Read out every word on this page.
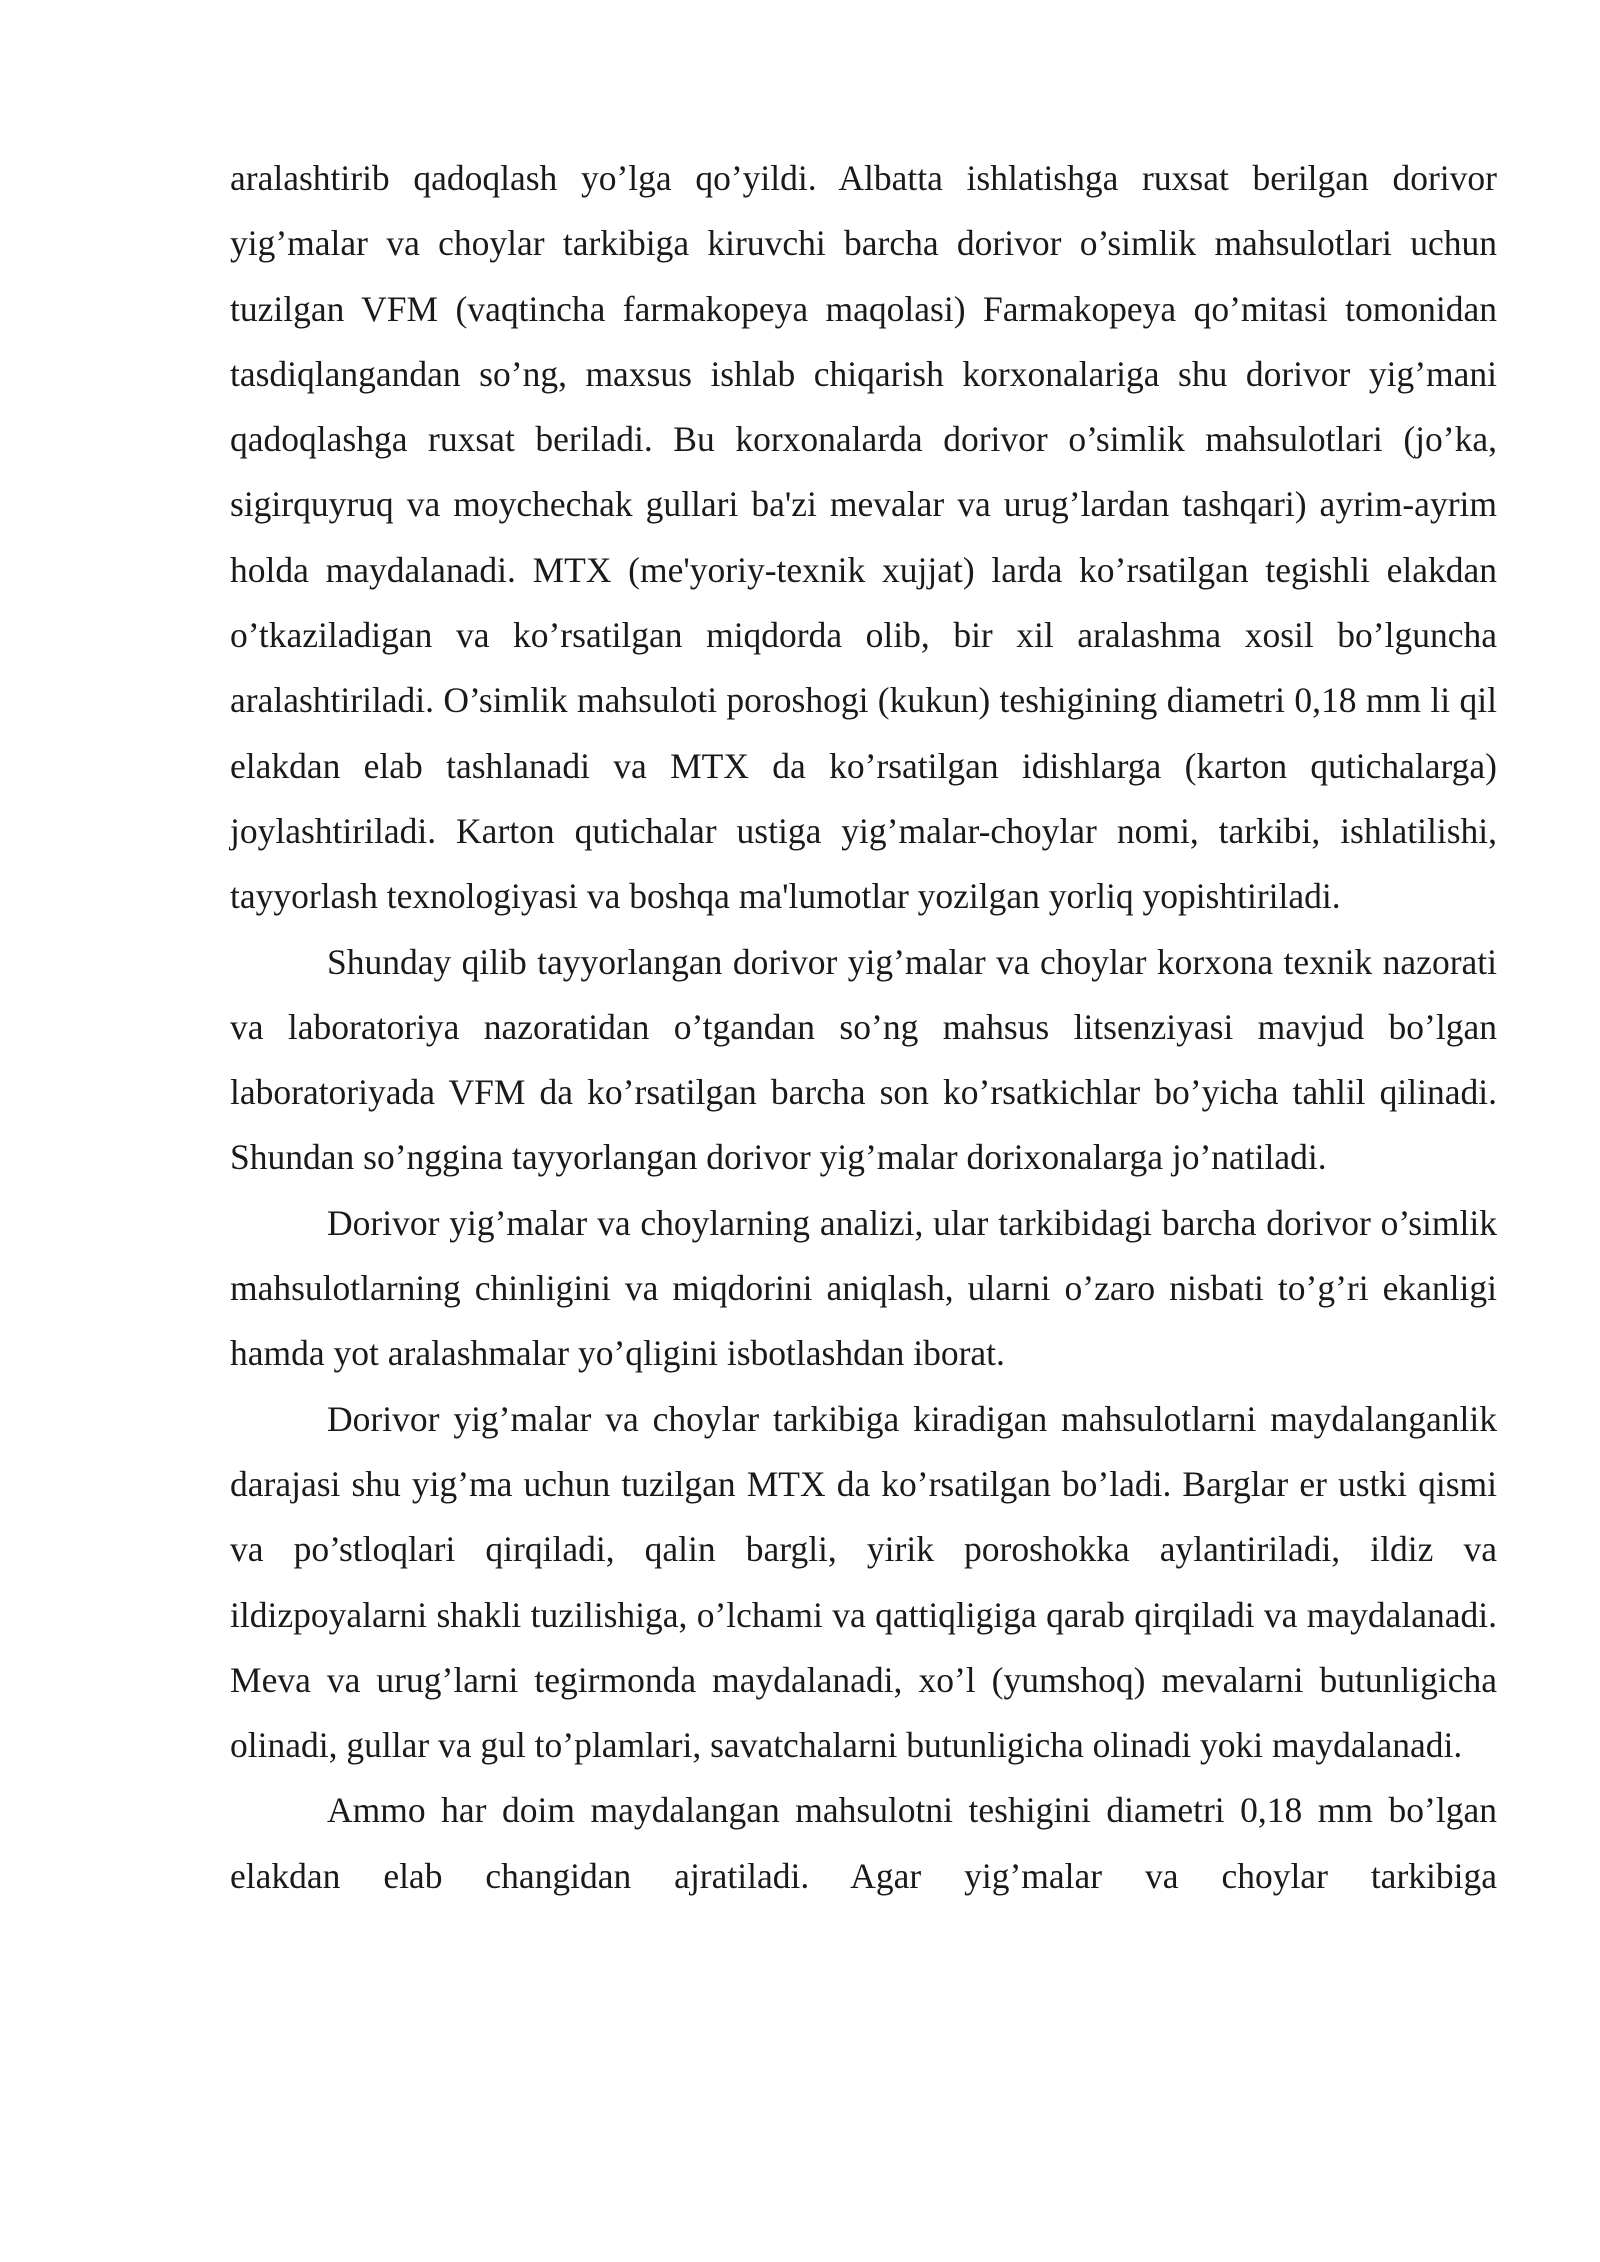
aralashtirib qadoqlash yo’lga qo’yildi. Albatta ishlatishga ruxsat berilgan dorivor yig’malar va choylar tarkibiga kiruvchi barcha dorivor o’simlik mahsulotlari uchun tuzilgan VFM (vaqtincha farmakopeya maqolasi) Farmakopeya qo’mitasi tomonidan tasdiqlangandan so’ng, maxsus ishlab chiqarish korxonalariga shu dorivor yig’mani qadoqlashga ruxsat beriladi. Bu korxonalarda dorivor o’simlik mahsulotlari (jo’ka, sigirquyruq va moychechak gullari ba'zi mevalar va urug’lardan tashqari) ayrim-ayrim holda maydalanadi. MTX (me'yoriy-texnik xujjat) larda ko’rsatilgan tegishli elakdan o’tkaziladigan va ko’rsatilgan miqdorda olib, bir xil aralashma xosil bo’lguncha aralashtiriladi. O’simlik mahsuloti poroshogi (kukun) teshigining diametri 0,18 mm li qil elakdan elab tashlanadi va MTX da ko’rsatilgan idishlarga (karton qutichalarga) joylashtiriladi. Karton qutichalar ustiga yig’malar-choylar nomi, tarkibi, ishlatilishi, tayyorlash texnologiyasi va boshqa ma'lumotlar yozilgan yorliq yopishtiriladi.

Shunday qilib tayyorlangan dorivor yig’malar va choylar korxona texnik nazorati va laboratoriya nazoratidan o’tgandan so’ng mahsus litsenziyasi mavjud bo’lgan laboratoriyada VFM da ko’rsatilgan barcha son ko’rsatkichlar bo’yicha tahlil qilinadi. Shundan so’nggina tayyorlangan dorivor yig’malar dorixonalarga jo’natiladi.

Dorivor yig’malar va choylarning analizi, ular tarkibidagi barcha dorivor o’simlik mahsulotlarning chinligini va miqdorini aniqlash, ularni o’zaro nisbati to’g’ri ekanligi hamda yot aralashmalar yo’qligini isbotlashdan iborat.

Dorivor yig’malar va choylar tarkibiga kiradigan mahsulotlarni maydalanganlik darajasi shu yig’ma uchun tuzilgan MTX da ko’rsatilgan bo’ladi. Barglar er ustki qismi va po’stloqlari qirqiladi, qalin bargli, yirik poroshokka aylantiriladi, ildiz va ildizpoyalarni shakli tuzilishiga, o’lchami va qattiqligiga qarab qirqiladi va maydalanadi. Meva va urug’larni tegirmonda maydalanadi, xo’l (yumshoq) mevalarni butunligicha olinadi, gullar va gul to’plamlari, savatchalarni butunligicha olinadi yoki maydalanadi.

Ammo har doim maydalangan mahsulotni teshigini diametri 0,18 mm bo’lgan elakdan elab changidan ajratiladi. Agar yig’malar va choylar tarkibiga
